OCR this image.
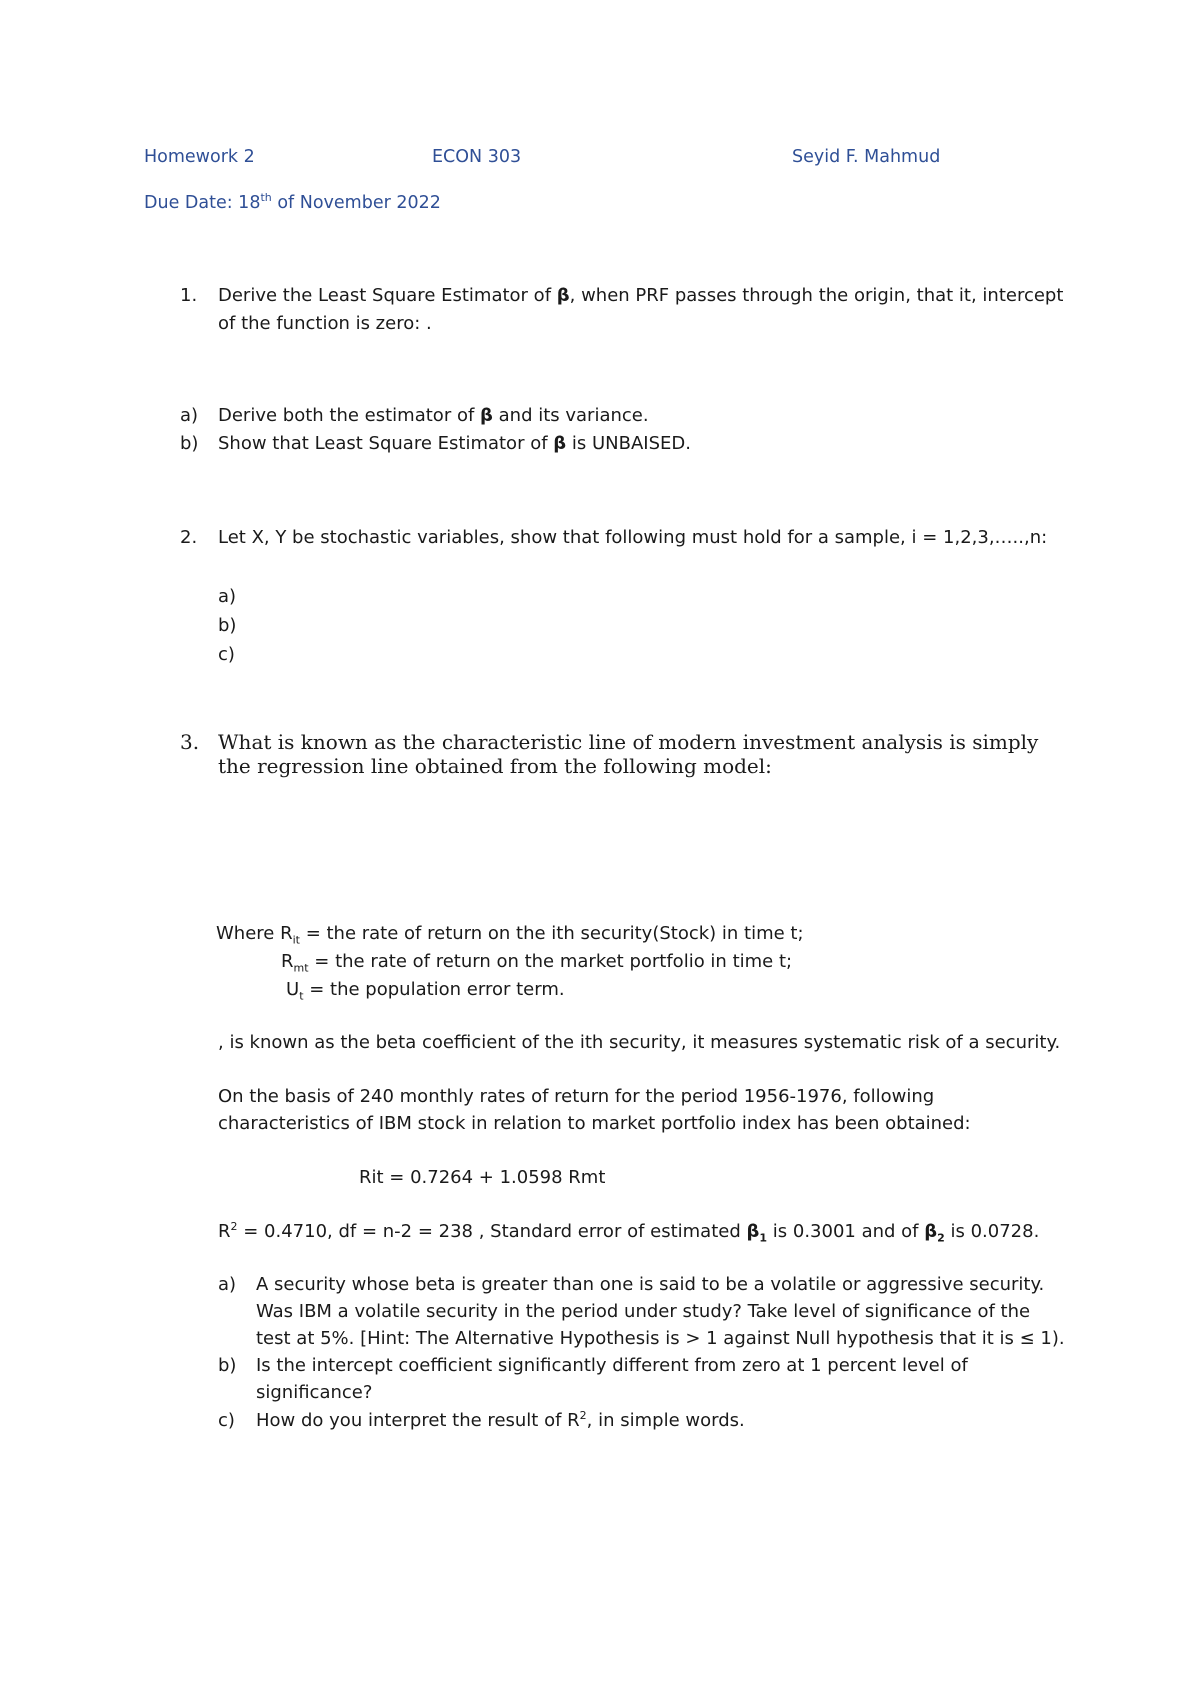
Homework 2	ECON 303	Seyid F. Mahmud
Due Date: 18th of November 2022
1. Derive the Least Square Estimator of β, when PRF passes through the origin, that it, intercept
of the function is zero: .
a) Derive both the estimator of β and its variance.
b) Show that Least Square Estimator of β is UNBAISED.
2. Let X, Y be stochastic variables, show that following must hold for a sample, i = 1,2,3,…..,n:
a)
b)
c)
3. What is known as the characteristic line of modern investment analysis is simply
the regression line obtained from the following model:
Where $R_{it}$ = the rate of return on the ith security(Stock) in time t;
$R_{mt}$ = the rate of return on the market portfolio in time t;
$U_t$ = the population error term.
, is known as the beta coefficient of the ith security, it measures systematic risk of a security.
On the basis of 240 monthly rates of return for the period 1956-1976, following
characteristics of IBM stock in relation to market portfolio index has been obtained:
Rit = 0.7264 + 1.0598 Rmt
$R^2 = 0.4710$, df = n-2 = 238 , Standard error of estimated $\beta_1$ is 0.3001 and of $\beta_2$ is 0.0728.
a) A security whose beta is greater than one is said to be a volatile or aggressive security.
Was IBM a volatile security in the period under study? Take level of significance of the
test at 5%. [Hint: The Alternative Hypothesis is > 1 against Null hypothesis that it is ≤ 1).
b) Is the intercept coefficient significantly different from zero at 1 percent level of
significance?
c) How do you interpret the result of $R^2$, in simple words.
